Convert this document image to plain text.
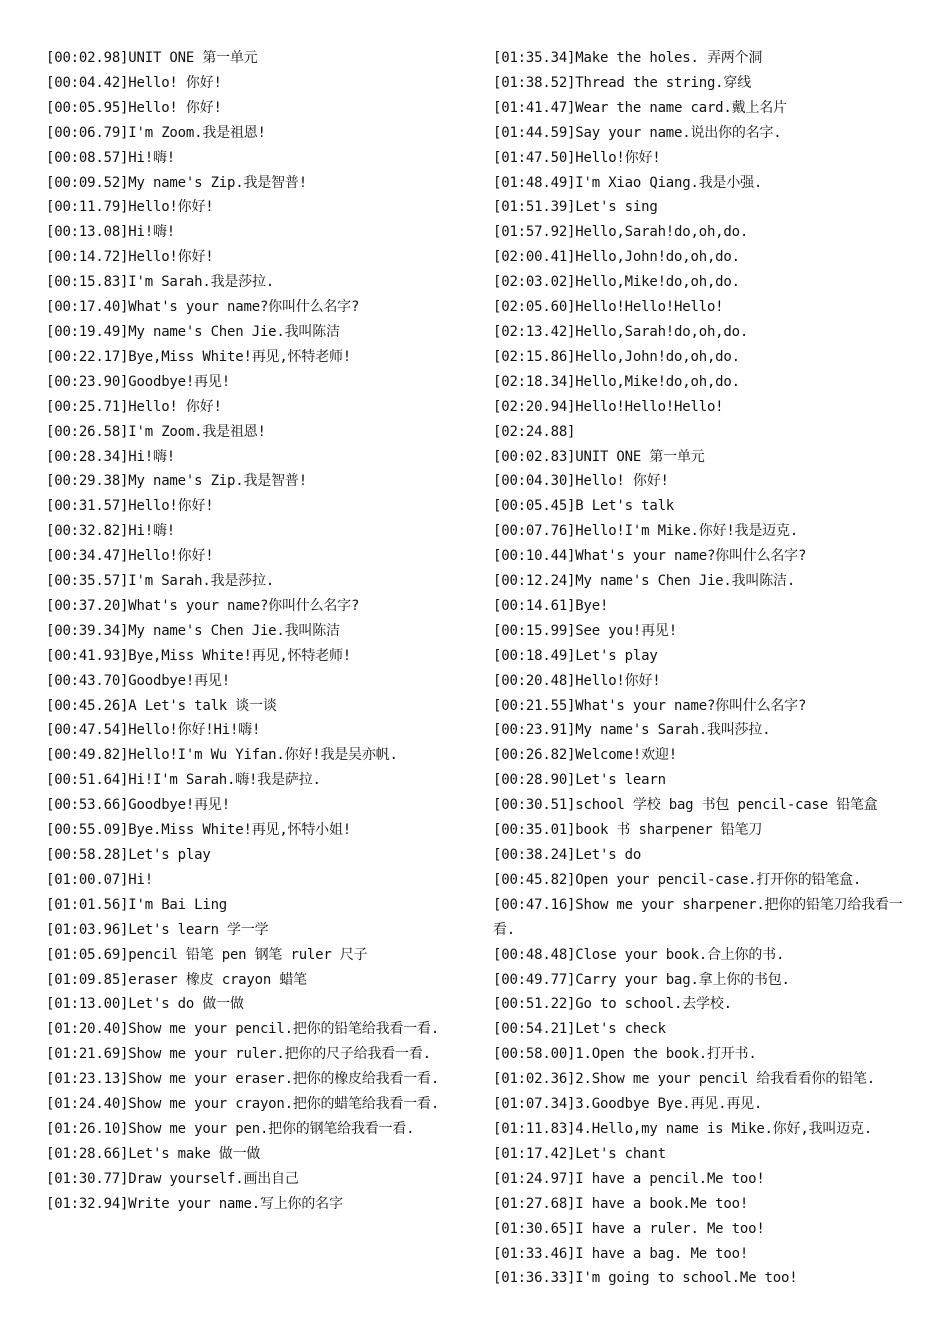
[00:02.98]UNIT ONE 第一单元
[00:04.42]Hello! 你好!
[00:05.95]Hello! 你好!
[00:06.79]I'm Zoom.我是祖恩!
[00:08.57]Hi!嗨!
[00:09.52]My name's Zip.我是智普!
[00:11.79]Hello!你好!
[00:13.08]Hi!嗨!
[00:14.72]Hello!你好!
[00:15.83]I'm Sarah.我是莎拉.
[00:17.40]What's your name?你叫什么名字?
[00:19.49]My name's Chen Jie.我叫陈洁
[00:22.17]Bye,Miss White!再见,怀特老师!
[00:23.90]Goodbye!再见!
[00:25.71]Hello! 你好!
[00:26.58]I'm Zoom.我是祖恩!
[00:28.34]Hi!嗨!
[00:29.38]My name's Zip.我是智普!
[00:31.57]Hello!你好!
[00:32.82]Hi!嗨!
[00:34.47]Hello!你好!
[00:35.57]I'm Sarah.我是莎拉.
[00:37.20]What's your name?你叫什么名字?
[00:39.34]My name's Chen Jie.我叫陈洁
[00:41.93]Bye,Miss White!再见,怀特老师!
[00:43.70]Goodbye!再见!
[00:45.26]A Let's talk 谈一谈
[00:47.54]Hello!你好!Hi!嗨!
[00:49.82]Hello!I'm Wu Yifan.你好!我是吴亦帆.
[00:51.64]Hi!I'm Sarah.嗨!我是萨拉.
[00:53.66]Goodbye!再见!
[00:55.09]Bye.Miss White!再见,怀特小姐!
[00:58.28]Let's play
[01:00.07]Hi!
[01:01.56]I'm Bai Ling
[01:03.96]Let's learn 学一学
[01:05.69]pencil 铅笔 pen 钢笔 ruler 尺子
[01:09.85]eraser 橡皮 crayon 蜡笔
[01:13.00]Let's do 做一做
[01:20.40]Show me your pencil.把你的铅笔给我看一看.
[01:21.69]Show me your ruler.把你的尺子给我看一看.
[01:23.13]Show me your eraser.把你的橡皮给我看一看.
[01:24.40]Show me your crayon.把你的蜡笔给我看一看.
[01:26.10]Show me your pen.把你的钢笔给我看一看.
[01:28.66]Let's make 做一做
[01:30.77]Draw yourself.画出自己
[01:32.94]Write your name.写上你的名字
[01:35.34]Make the holes. 弄两个洞
[01:38.52]Thread the string.穿线
[01:41.47]Wear the name card.戴上名片
[01:44.59]Say your name.说出你的名字.
[01:47.50]Hello!你好!
[01:48.49]I'm Xiao Qiang.我是小强.
[01:51.39]Let's sing
[01:57.92]Hello,Sarah!do,oh,do.
[02:00.41]Hello,John!do,oh,do.
[02:03.02]Hello,Mike!do,oh,do.
[02:05.60]Hello!Hello!Hello!
[02:13.42]Hello,Sarah!do,oh,do.
[02:15.86]Hello,John!do,oh,do.
[02:18.34]Hello,Mike!do,oh,do.
[02:20.94]Hello!Hello!Hello!
[02:24.88]
[00:02.83]UNIT ONE 第一单元
[00:04.30]Hello! 你好!
[00:05.45]B Let's talk
[00:07.76]Hello!I'm Mike.你好!我是迈克.
[00:10.44]What's your name?你叫什么名字?
[00:12.24]My name's Chen Jie.我叫陈洁.
[00:14.61]Bye!
[00:15.99]See you!再见!
[00:18.49]Let's play
[00:20.48]Hello!你好!
[00:21.55]What's your name?你叫什么名字?
[00:23.91]My name's Sarah.我叫莎拉.
[00:26.82]Welcome!欢迎!
[00:28.90]Let's learn
[00:30.51]school 学校 bag 书包 pencil-case 铅笔盒
[00:35.01]book 书 sharpener 铅笔刀
[00:38.24]Let's do
[00:45.82]Open your pencil-case.打开你的铅笔盒.
[00:47.16]Show me your sharpener.把你的铅笔刀给我看一看.
[00:48.48]Close your book.合上你的书.
[00:49.77]Carry your bag.拿上你的书包.
[00:51.22]Go to school.去学校.
[00:54.21]Let's check
[00:58.00]1.Open the book.打开书.
[01:02.36]2.Show me your pencil 给我看看你的铅笔.
[01:07.34]3.Goodbye Bye.再见.再见.
[01:11.83]4.Hello,my name is Mike.你好,我叫迈克.
[01:17.42]Let's chant
[01:24.97]I have a pencil.Me too!
[01:27.68]I have a book.Me too!
[01:30.65]I have a ruler. Me too!
[01:33.46]I have a bag. Me too!
[01:36.33]I'm going to school.Me too!
